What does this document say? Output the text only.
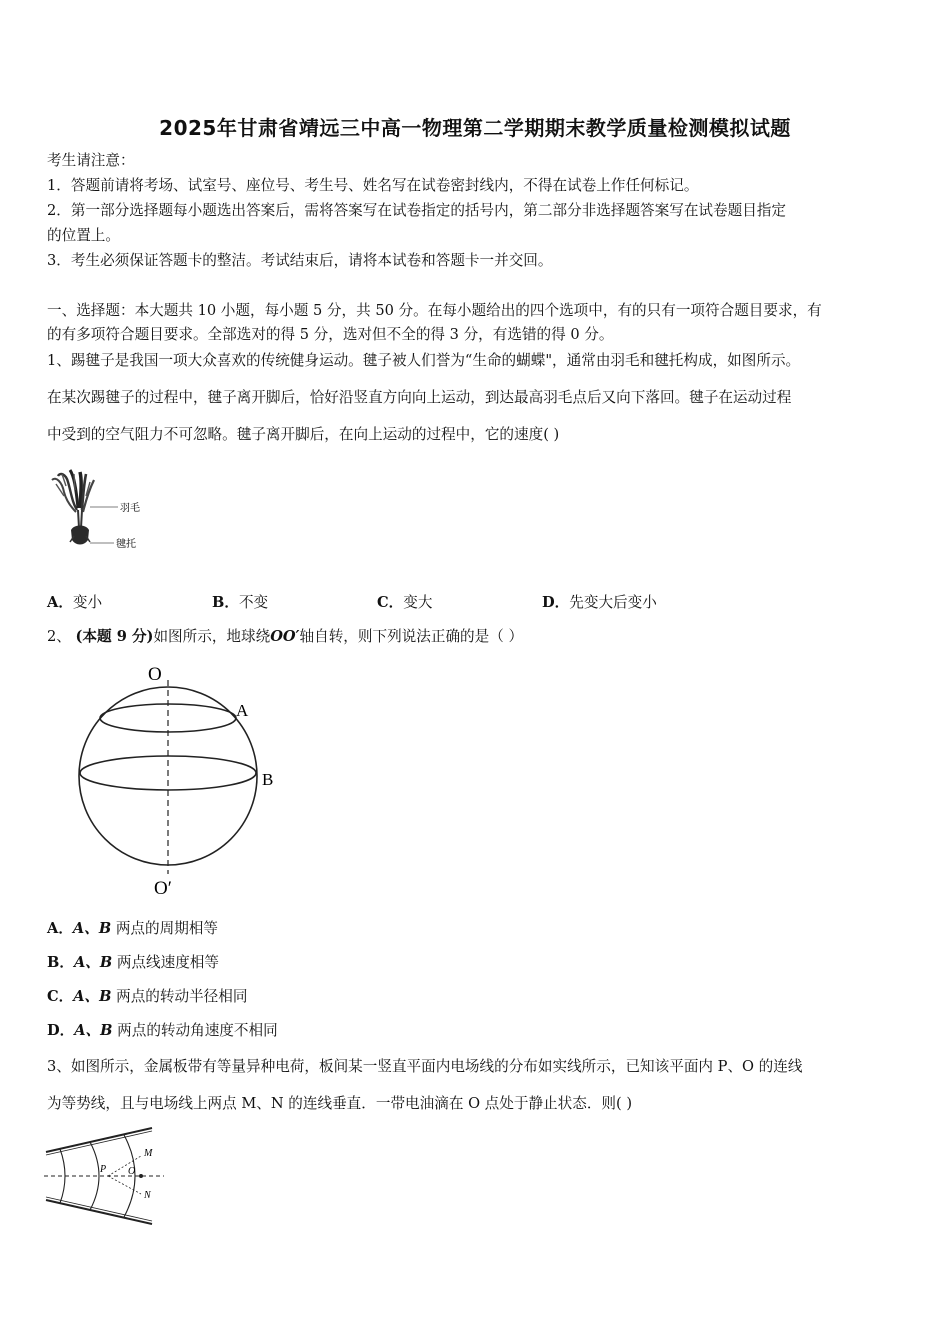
2025年甘肃省靖远三中高一物理第二学期期末教学质量检测模拟试题
考生请注意：
1．答题前请将考场、试室号、座位号、考生号、姓名写在试卷密封线内，不得在试卷上作任何标记。
2．第一部分选择题每小题选出答案后，需将答案写在试卷指定的括号内，第二部分非选择题答案写在试卷题目指定
的位置上。
3．考生必须保证答题卡的整洁。考试结束后，请将本试卷和答题卡一并交回。
一、选择题：本大题共 10 小题，每小题 5 分，共 50 分。在每小题给出的四个选项中，有的只有一项符合题目要求，有
的有多项符合题目要求。全部选对的得 5 分，选对但不全的得 3 分，有选错的得 0 分。
1、踢毽子是我国一项大众喜欢的传统健身运动。毽子被人们誉为“生命的蝴蝶"，通常由羽毛和毽托构成，如图所示。
在某次踢毽子的过程中，毽子离开脚后，恰好沿竖直方向向上运动，到达最高羽毛点后又向下落回。毽子在运动过程
中受到的空气阻力不可忽略。毽子离开脚后，在向上运动的过程中，它的速度( )
羽毛
毽托
A．变小	B．不变	C．变大	D．先变大后变小
2、 (本题 9 分)如图所示，地球绕OO′轴自转，则下列说法正确的是（ ）
O
O′
A
B
A．A、B 两点的周期相等
B．A、B 两点线速度相等
C．A、B 两点的转动半径相同
D．A、B 两点的转动角速度不相同
3、如图所示，金属板带有等量异种电荷，板间某一竖直平面内电场线的分布如实线所示，已知该平面内 P、O 的连线
为等势线，且与电场线上两点 M、N 的连线垂直．一带电油滴在 O 点处于静止状态．则( )
P O
M
N
